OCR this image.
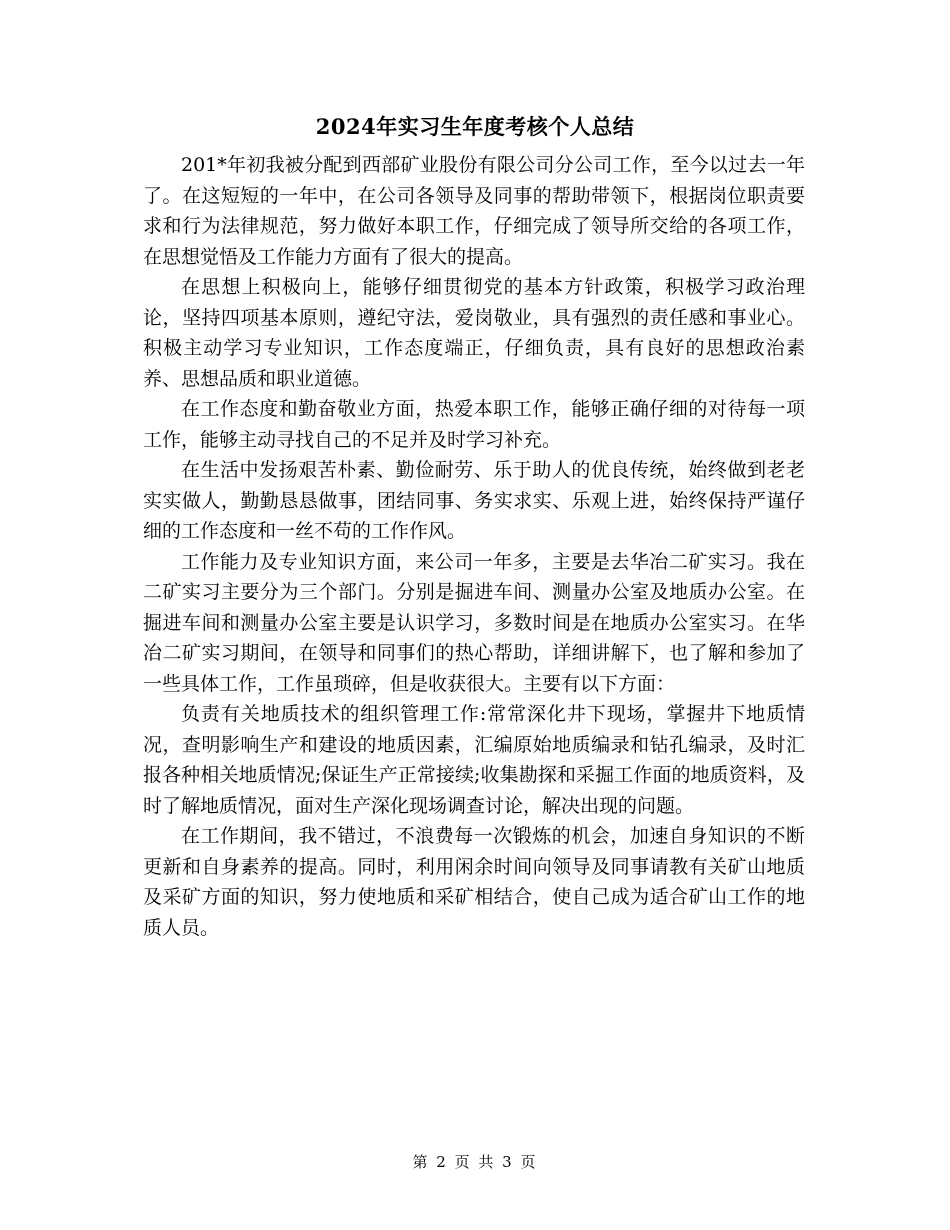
2024年实习生年度考核个人总结

201*年初我被分配到西部矿业股份有限公司分公司工作，至今以过去一年了。在这短短的一年中，在公司各领导及同事的帮助带领下，根据岗位职责要求和行为法律规范，努力做好本职工作，仔细完成了领导所交给的各项工作，在思想觉悟及工作能力方面有了很大的提高。

在思想上积极向上，能够仔细贯彻党的基本方针政策，积极学习政治理论，坚持四项基本原则，遵纪守法，爱岗敬业，具有强烈的责任感和事业心。积极主动学习专业知识，工作态度端正，仔细负责，具有良好的思想政治素养、思想品质和职业道德。

在工作态度和勤奋敬业方面，热爱本职工作，能够正确仔细的对待每一项工作，能够主动寻找自己的不足并及时学习补充。

在生活中发扬艰苦朴素、勤俭耐劳、乐于助人的优良传统，始终做到老老实实做人，勤勤恳恳做事，团结同事、务实求实、乐观上进，始终保持严谨仔细的工作态度和一丝不苟的工作作风。

工作能力及专业知识方面，来公司一年多，主要是去华冶二矿实习。我在二矿实习主要分为三个部门。分别是掘进车间、测量办公室及地质办公室。在掘进车间和测量办公室主要是认识学习，多数时间是在地质办公室实习。在华冶二矿实习期间，在领导和同事们的热心帮助，详细讲解下，也了解和参加了一些具体工作，工作虽琐碎，但是收获很大。主要有以下方面：

负责有关地质技术的组织管理工作:常常深化井下现场，掌握井下地质情况，查明影响生产和建设的地质因素，汇编原始地质编录和钻孔编录，及时汇报各种相关地质情况;保证生产正常接续;收集勘探和采掘工作面的地质资料，及时了解地质情况，面对生产深化现场调查讨论，解决出现的问题。

在工作期间，我不错过，不浪费每一次锻炼的机会，加速自身知识的不断更新和自身素养的提高。同时，利用闲余时间向领导及同事请教有关矿山地质及采矿方面的知识，努力使地质和采矿相结合，使自己成为适合矿山工作的地质人员。

第 2 页 共 3 页
